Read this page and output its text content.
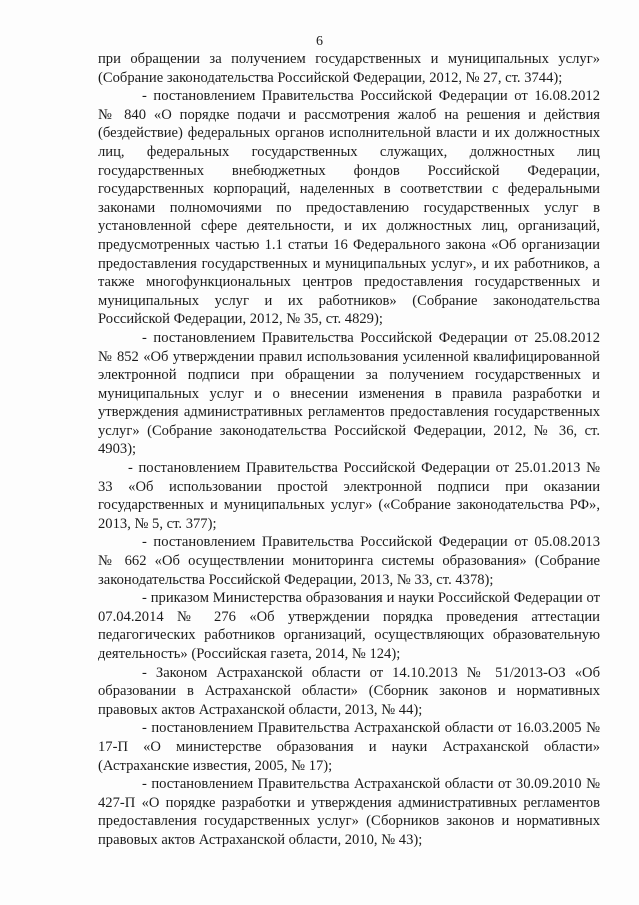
6

при обращении за получением государственных и муниципальных услуг» (Собрание законодательства Российской Федерации, 2012, № 27, ст. 3744);

- постановлением Правительства Российской Федерации от 16.08.2012 № 840 «О порядке подачи и рассмотрения жалоб на решения и действия (бездействие) федеральных органов исполнительной власти и их должностных лиц, федеральных государственных служащих, должностных лиц государственных внебюджетных фондов Российской Федерации, государственных корпораций, наделенных в соответствии с федеральными законами полномочиями по предоставлению государственных услуг в установленной сфере деятельности, и их должностных лиц, организаций, предусмотренных частью 1.1 статьи 16 Федерального закона «Об организации предоставления государственных и муниципальных услуг», и их работников, а также многофункциональных центров предоставления государственных и муниципальных услуг и их работников» (Собрание законодательства Российской Федерации, 2012, № 35, ст. 4829);

- постановлением Правительства Российской Федерации от 25.08.2012 № 852 «Об утверждении правил использования усиленной квалифицированной электронной подписи при обращении за получением государственных и муниципальных услуг и о внесении изменения в правила разработки и утверждения административных регламентов предоставления государственных услуг» (Собрание законодательства Российской Федерации, 2012, № 36, ст. 4903);

- постановлением Правительства Российской Федерации от 25.01.2013 № 33 «Об использовании простой электронной подписи при оказании государственных и муниципальных услуг» («Собрание законодательства РФ», 2013, № 5, ст. 377);

- постановлением Правительства Российской Федерации от 05.08.2013 № 662 «Об осуществлении мониторинга системы образования» (Собрание законодательства Российской Федерации, 2013, № 33, ст. 4378);

- приказом Министерства образования и науки Российской Федерации от 07.04.2014 № 276 «Об утверждении порядка проведения аттестации педагогических работников организаций, осуществляющих образовательную деятельность» (Российская газета, 2014, № 124);

- Законом Астраханской области от 14.10.2013 № 51/2013-ОЗ «Об образовании в Астраханской области» (Сборник законов и нормативных правовых актов Астраханской области, 2013, № 44);

- постановлением Правительства Астраханской области от 16.03.2005 № 17-П «О министерстве образования и науки Астраханской области» (Астраханские известия, 2005, № 17);

- постановлением Правительства Астраханской области от 30.09.2010 № 427-П «О порядке разработки и утверждения административных регламентов предоставления государственных услуг» (Сборников законов и нормативных правовых актов Астраханской области, 2010, № 43);
